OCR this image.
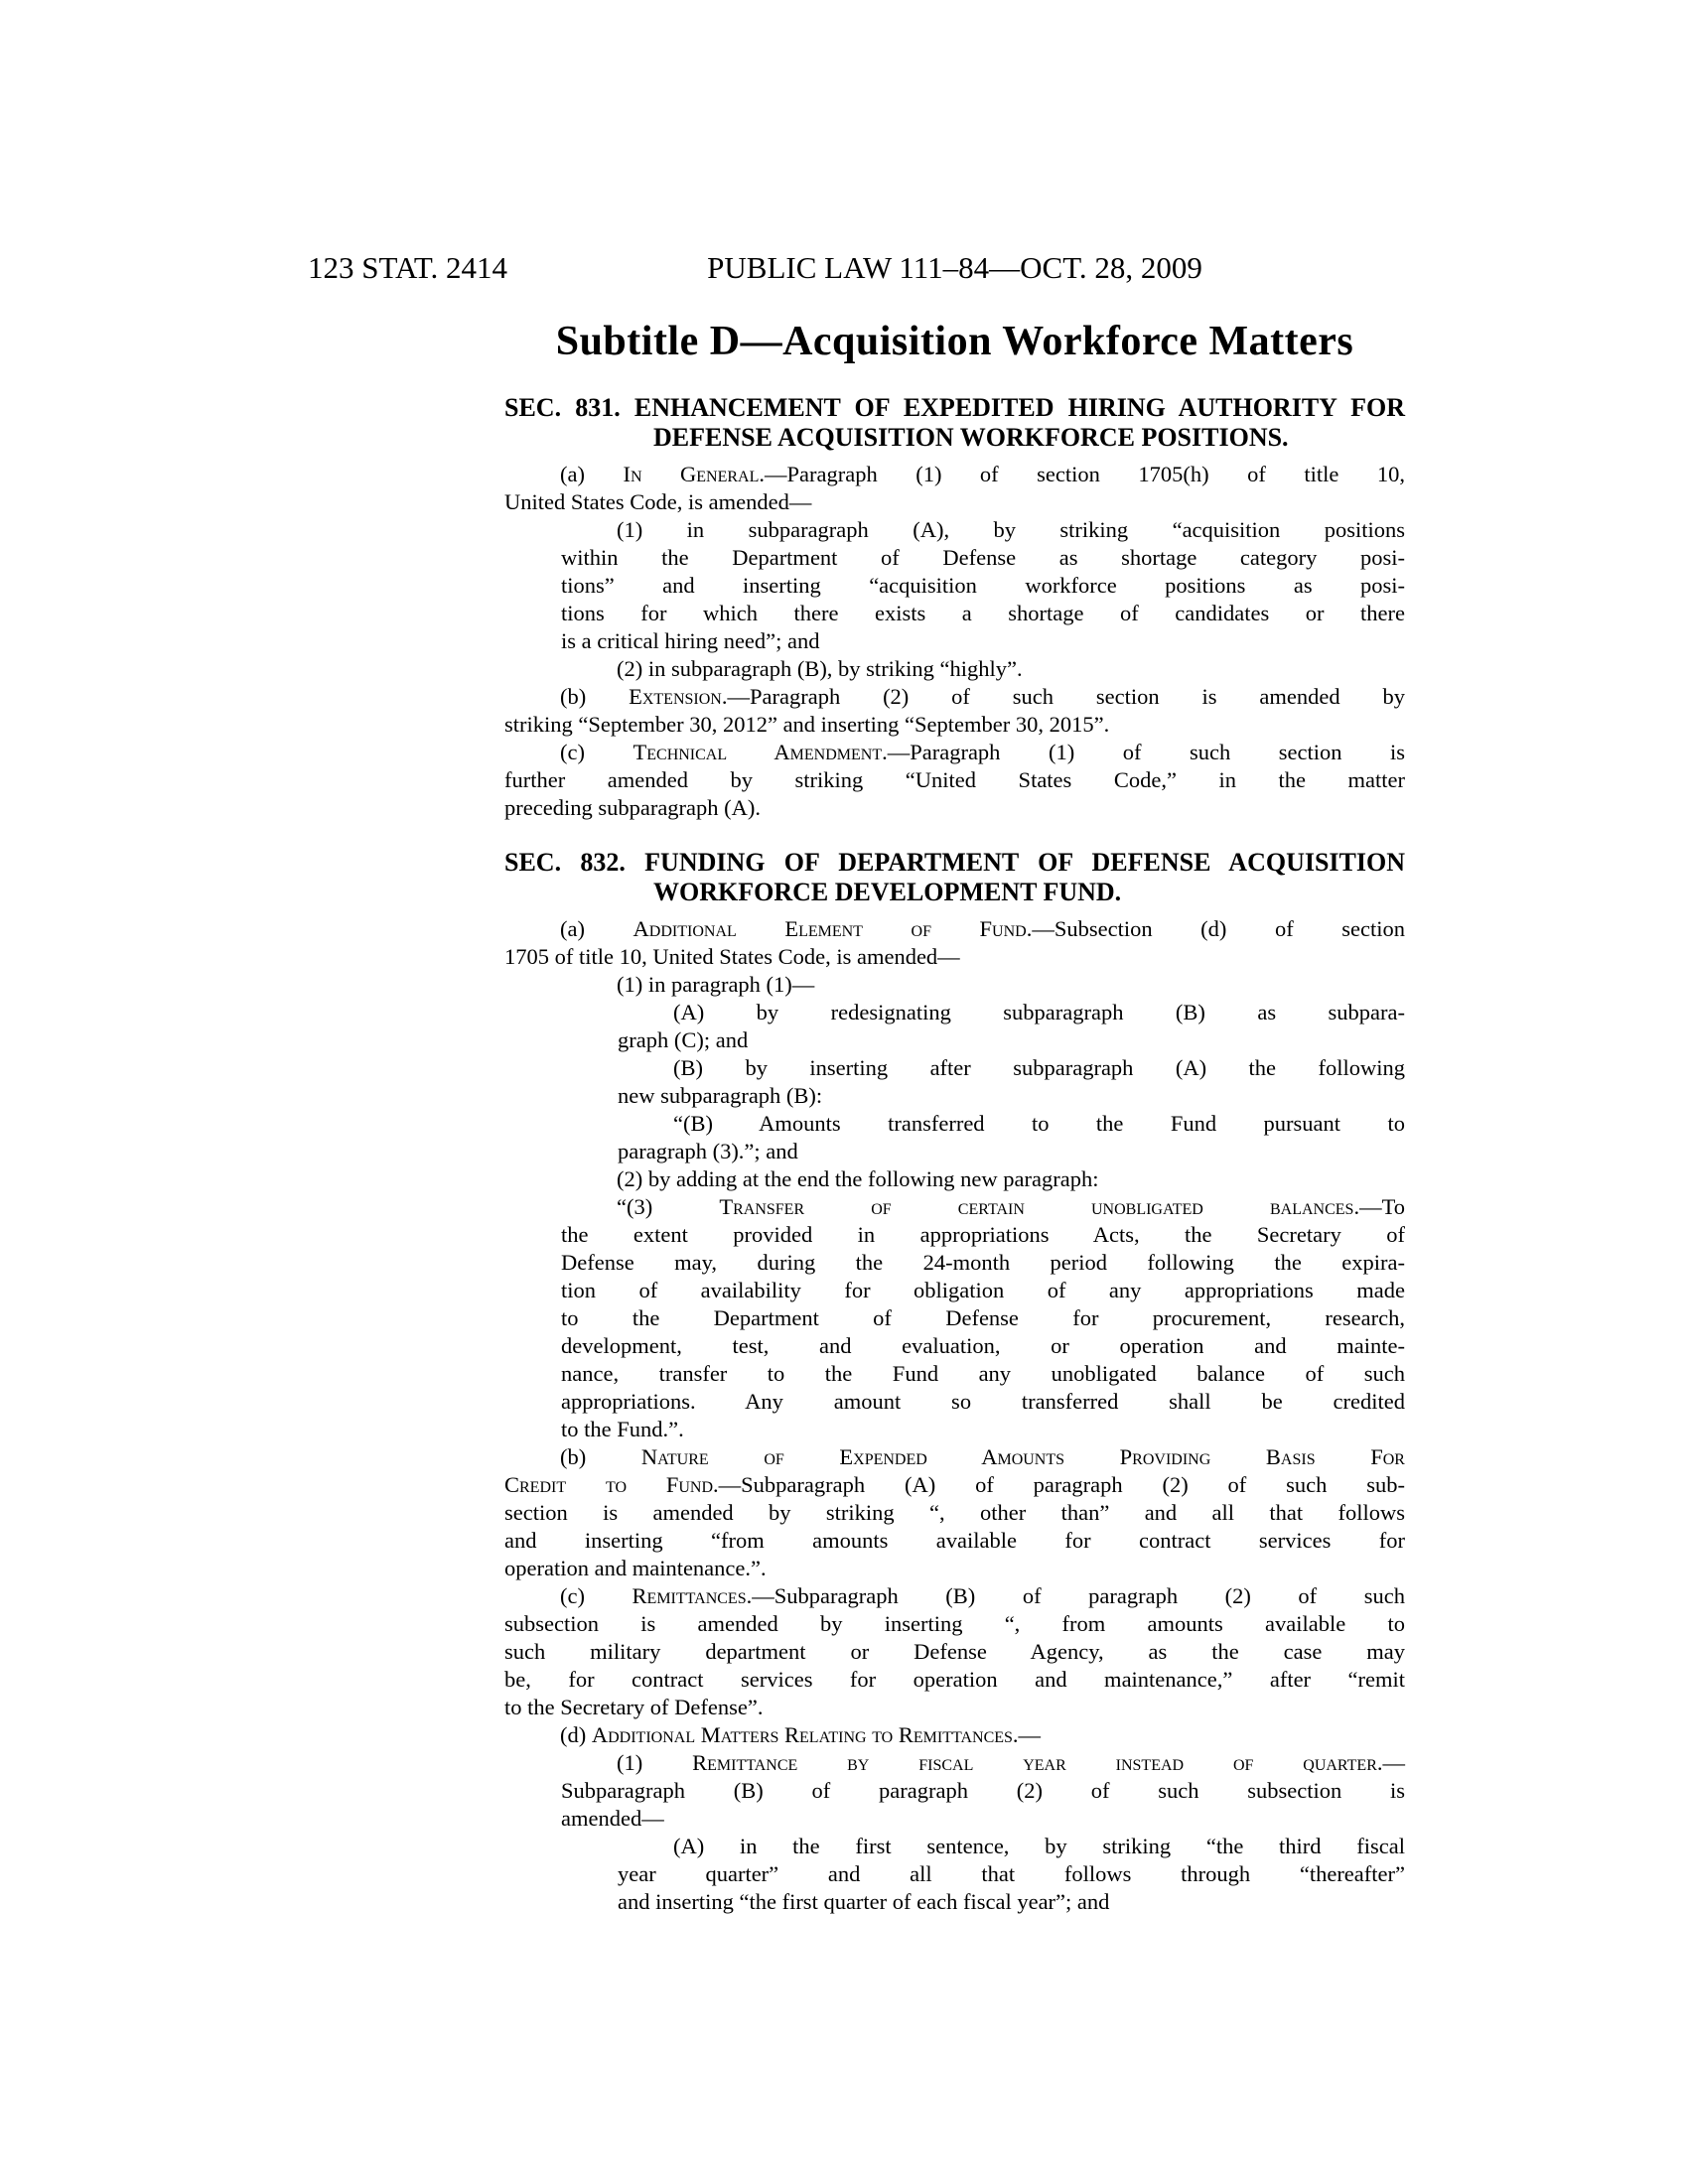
123 STAT. 2414	PUBLIC LAW 111–84—OCT. 28, 2009
Subtitle D—Acquisition Workforce Matters
SEC. 831. ENHANCEMENT OF EXPEDITED HIRING AUTHORITY FOR
DEFENSE ACQUISITION WORKFORCE POSITIONS.
(a) In General.—Paragraph (1) of section 1705(h) of title 10,
United States Code, is amended—
(1) in subparagraph (A), by striking “acquisition positions
within the Department of Defense as shortage category posi-
tions” and inserting “acquisition workforce positions as posi-
tions for which there exists a shortage of candidates or there
is a critical hiring need”; and
(2) in subparagraph (B), by striking “highly”.
(b) Extension.—Paragraph (2) of such section is amended by
striking “September 30, 2012” and inserting “September 30, 2015”.
(c) Technical Amendment.—Paragraph (1) of such section is
further amended by striking “United States Code,” in the matter
preceding subparagraph (A).
SEC. 832. FUNDING OF DEPARTMENT OF DEFENSE ACQUISITION
WORKFORCE DEVELOPMENT FUND.
(a) Additional Element of Fund.—Subsection (d) of section
1705 of title 10, United States Code, is amended—
(1) in paragraph (1)—
(A) by redesignating subparagraph (B) as subpara-
graph (C); and
(B) by inserting after subparagraph (A) the following
new subparagraph (B):
“(B) Amounts transferred to the Fund pursuant to
paragraph (3).”; and
(2) by adding at the end the following new paragraph:
“(3) Transfer of certain unobligated balances.—To
the extent provided in appropriations Acts, the Secretary of
Defense may, during the 24-month period following the expira-
tion of availability for obligation of any appropriations made
to the Department of Defense for procurement, research,
development, test, and evaluation, or operation and mainte-
nance, transfer to the Fund any unobligated balance of such
appropriations. Any amount so transferred shall be credited
to the Fund.”.
(b) Nature of Expended Amounts Providing Basis For
Credit to Fund.—Subparagraph (A) of paragraph (2) of such sub-
section is amended by striking “, other than” and all that follows
and inserting “from amounts available for contract services for
operation and maintenance.”.
(c) Remittances.—Subparagraph (B) of paragraph (2) of such
subsection is amended by inserting “, from amounts available to
such military department or Defense Agency, as the case may
be, for contract services for operation and maintenance,” after “remit
to the Secretary of Defense”.
(d) Additional Matters Relating to Remittances.—
(1) Remittance by fiscal year instead of quarter.—
Subparagraph (B) of paragraph (2) of such subsection is
amended—
(A) in the first sentence, by striking “the third fiscal
year quarter” and all that follows through “thereafter”
and inserting “the first quarter of each fiscal year”; and
